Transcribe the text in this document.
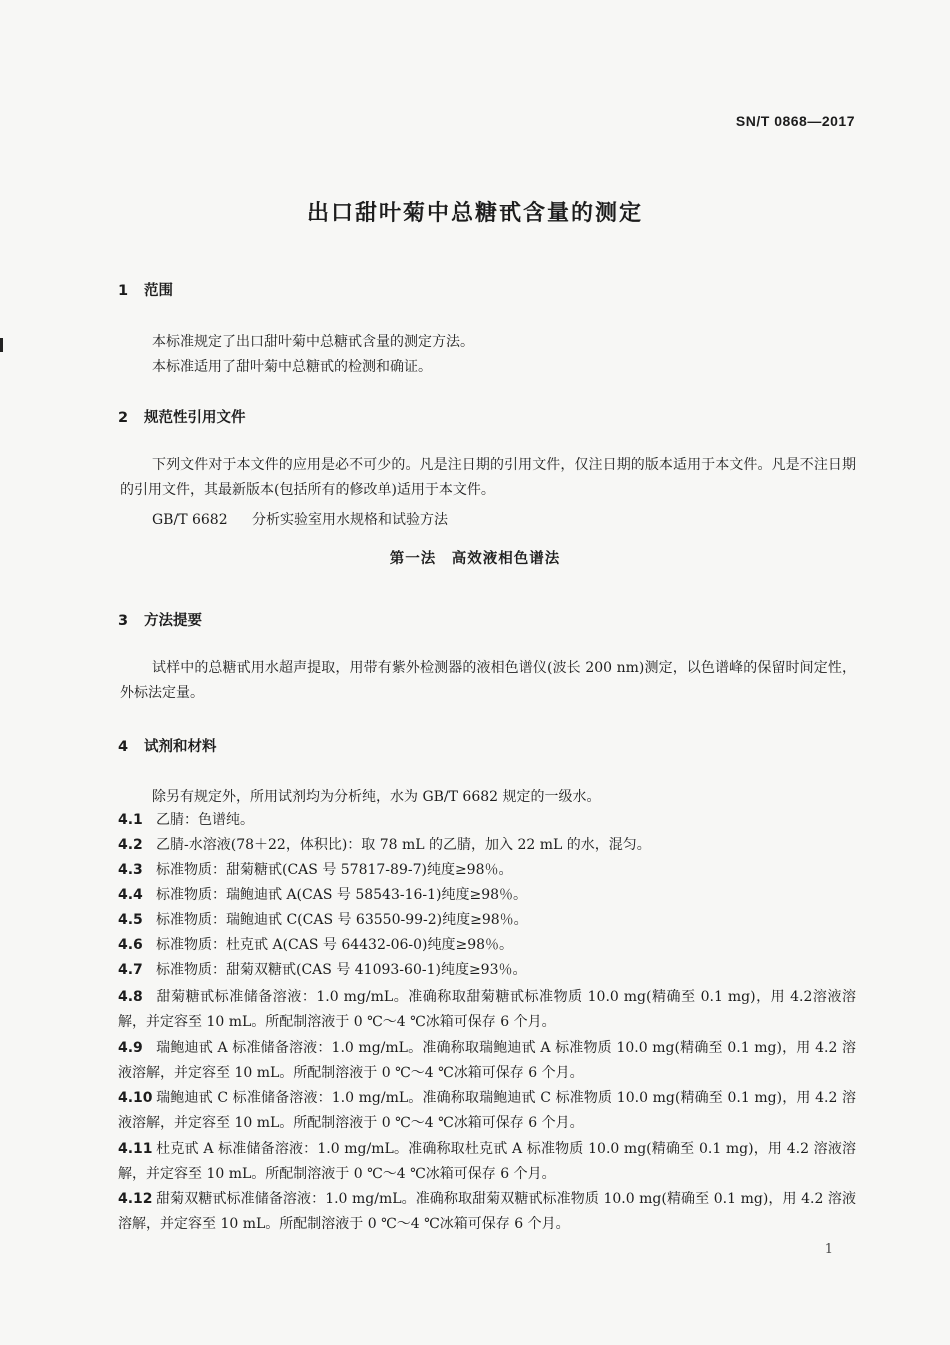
SN/T 0868—2017
出口甜叶菊中总糖甙含量的测定
1 范围
本标准规定了出口甜叶菊中总糖甙含量的测定方法。
本标准适用了甜叶菊中总糖甙的检测和确证。
2 规范性引用文件
下列文件对于本文件的应用是必不可少的。凡是注日期的引用文件，仅注日期的版本适用于本文件。凡是不注日期的引用文件，其最新版本(包括所有的修改单)适用于本文件。
GB/T 6682 分析实验室用水规格和试验方法
第一法　高效液相色谱法
3 方法提要
试样中的总糖甙用水超声提取，用带有紫外检测器的液相色谱仪(波长 200 nm)测定，以色谱峰的保留时间定性，外标法定量。
4 试剂和材料
除另有规定外，所用试剂均为分析纯，水为 GB/T 6682 规定的一级水。
4.1 乙腈：色谱纯。
4.2 乙腈-水溶液(78＋22，体积比)：取 78 mL 的乙腈，加入 22 mL 的水，混匀。
4.3 标准物质：甜菊糖甙(CAS 号 57817-89-7)纯度≥98％。
4.4 标准物质：瑞鲍迪甙 A(CAS 号 58543-16-1)纯度≥98％。
4.5 标准物质：瑞鲍迪甙 C(CAS 号 63550-99-2)纯度≥98％。
4.6 标准物质：杜克甙 A(CAS 号 64432-06-0)纯度≥98％。
4.7 标准物质：甜菊双糖甙(CAS 号 41093-60-1)纯度≥93％。
4.8 甜菊糖甙标准储备溶液：1.0 mg/mL。准确称取甜菊糖甙标准物质 10.0 mg(精确至 0.1 mg)，用 4.2溶液溶解，并定容至 10 mL。所配制溶液于 0 ℃～4 ℃冰箱可保存 6 个月。
4.9 瑞鲍迪甙 A 标准储备溶液：1.0 mg/mL。准确称取瑞鲍迪甙 A 标准物质 10.0 mg(精确至 0.1 mg)，用 4.2 溶液溶解，并定容至 10 mL。所配制溶液于 0 ℃～4 ℃冰箱可保存 6 个月。
4.10 瑞鲍迪甙 C 标准储备溶液：1.0 mg/mL。准确称取瑞鲍迪甙 C 标准物质 10.0 mg(精确至 0.1 mg)，用 4.2 溶液溶解，并定容至 10 mL。所配制溶液于 0 ℃～4 ℃冰箱可保存 6 个月。
4.11 杜克甙 A 标准储备溶液：1.0 mg/mL。准确称取杜克甙 A 标准物质 10.0 mg(精确至 0.1 mg)，用 4.2 溶液溶解，并定容至 10 mL。所配制溶液于 0 ℃～4 ℃冰箱可保存 6 个月。
4.12 甜菊双糖甙标准储备溶液：1.0 mg/mL。准确称取甜菊双糖甙标准物质 10.0 mg(精确至 0.1 mg)，用 4.2 溶液溶解，并定容至 10 mL。所配制溶液于 0 ℃～4 ℃冰箱可保存 6 个月。
1
